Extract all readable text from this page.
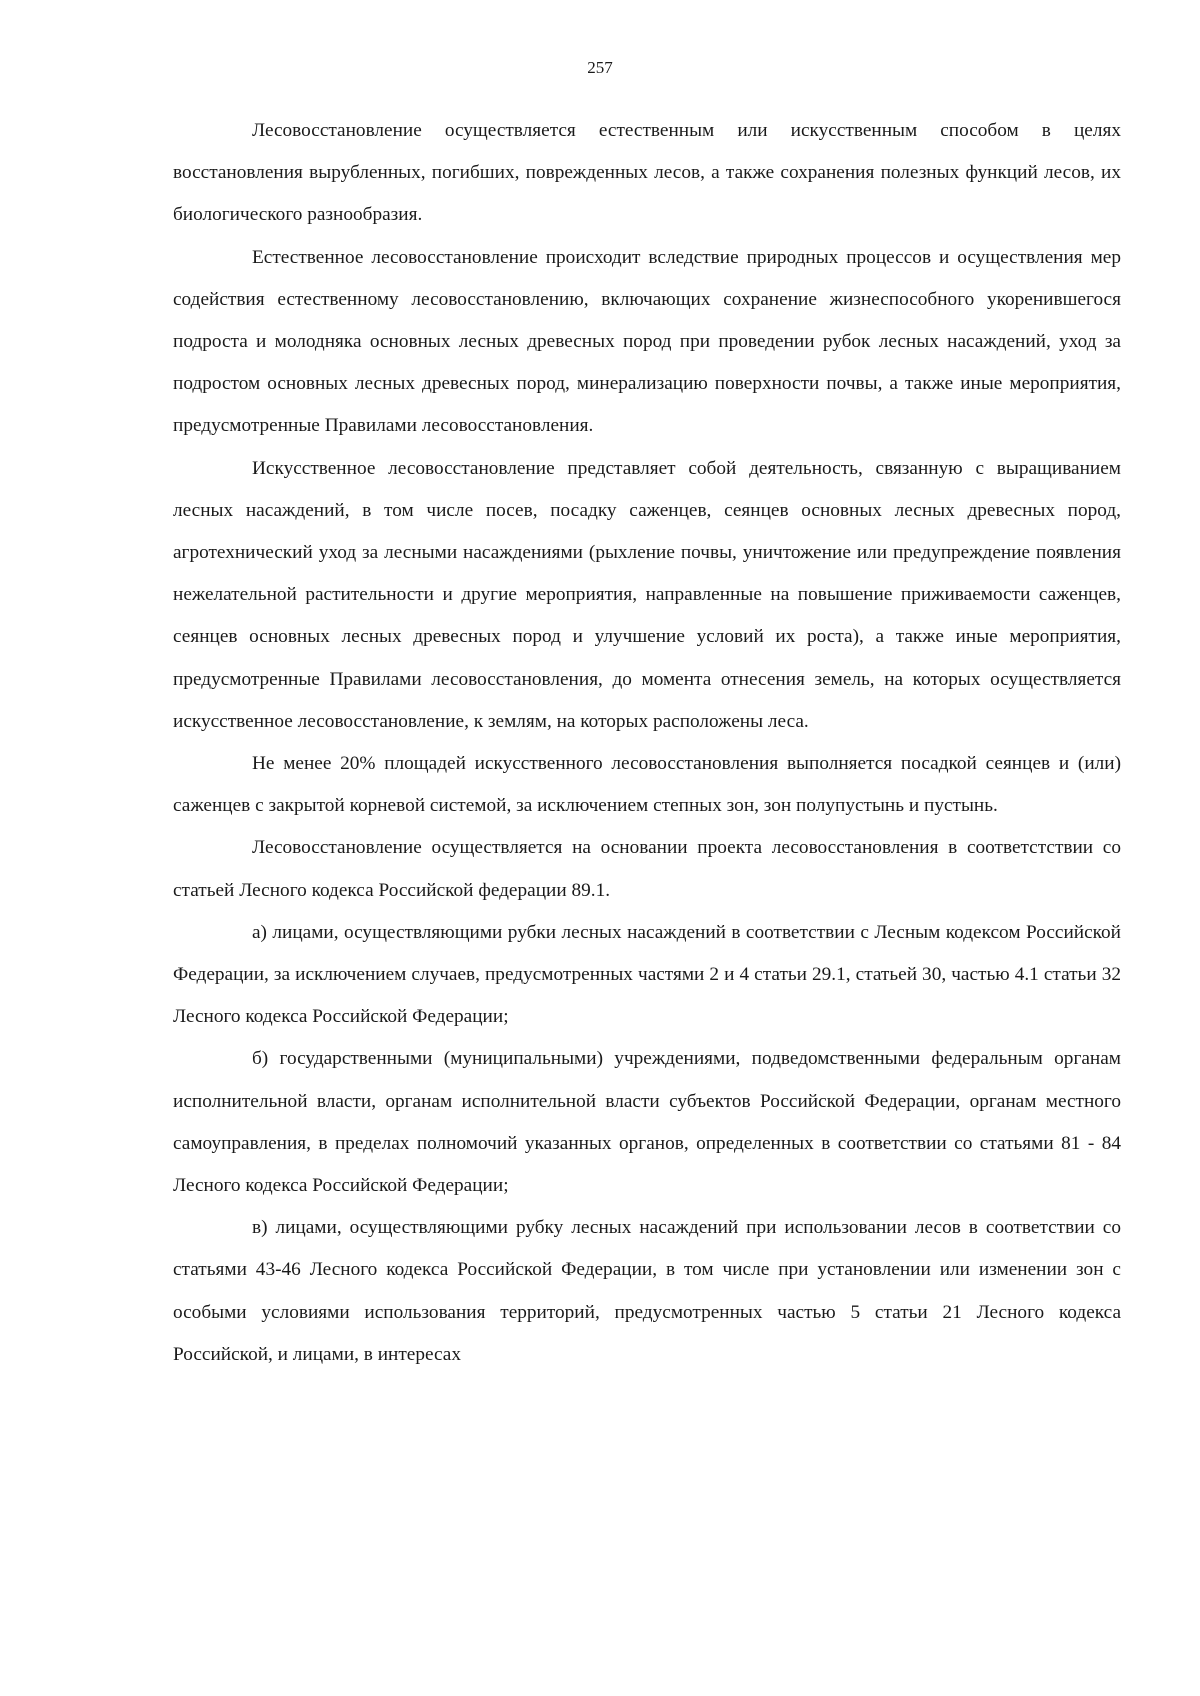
257

Лесовосстановление осуществляется естественным или искусственным способом в целях восстановления вырубленных, погибших, поврежденных лесов, а также сохранения полезных функций лесов, их биологического разнообразия.

Естественное лесовосстановление происходит вследствие природных процессов и осуществления мер содействия естественному лесовосстановлению, включающих сохранение жизнеспособного укоренившегося подроста и молодняка основных лесных древесных пород при проведении рубок лесных насаждений, уход за подростом основных лесных древесных пород, минерализацию поверхности почвы, а также иные мероприятия, предусмотренные Правилами лесовосстановления.

Искусственное лесовосстановление представляет собой деятельность, связанную с выращиванием лесных насаждений, в том числе посев, посадку саженцев, сеянцев основных лесных древесных пород, агротехнический уход за лесными насаждениями (рыхление почвы, уничтожение или предупреждение появления нежелательной растительности и другие мероприятия, направленные на повышение приживаемости саженцев, сеянцев основных лесных древесных пород и улучшение условий их роста), а также иные мероприятия, предусмотренные Правилами лесовосстановления, до момента отнесения земель, на которых осуществляется искусственное лесовосстановление, к землям, на которых расположены леса.

Не менее 20% площадей искусственного лесовосстановления выполняется посадкой сеянцев и (или) саженцев с закрытой корневой системой, за исключением степных зон, зон полупустынь и пустынь.

Лесовосстановление осуществляется на основании проекта лесовосстановления в соответстствии со статьей Лесного кодекса Российской федерации 89.1.

а) лицами, осуществляющими рубки лесных насаждений в соответствии с Лесным кодексом Российской Федерации, за исключением случаев, предусмотренных частями 2 и 4 статьи 29.1, статьей 30, частью 4.1 статьи 32 Лесного кодекса Российской Федерации;

б) государственными (муниципальными) учреждениями, подведомственными федеральным органам исполнительной власти, органам исполнительной власти субъектов Российской Федерации, органам местного самоуправления, в пределах полномочий указанных органов, определенных в соответствии со статьями 81 - 84 Лесного кодекса Российской Федерации;

в) лицами, осуществляющими рубку лесных насаждений при использовании лесов в соответствии со статьями 43-46 Лесного кодекса Российской Федерации, в том числе при установлении или изменении зон с особыми условиями использования территорий, предусмотренных частью 5 статьи 21 Лесного кодекса Российской, и лицами, в интересах
